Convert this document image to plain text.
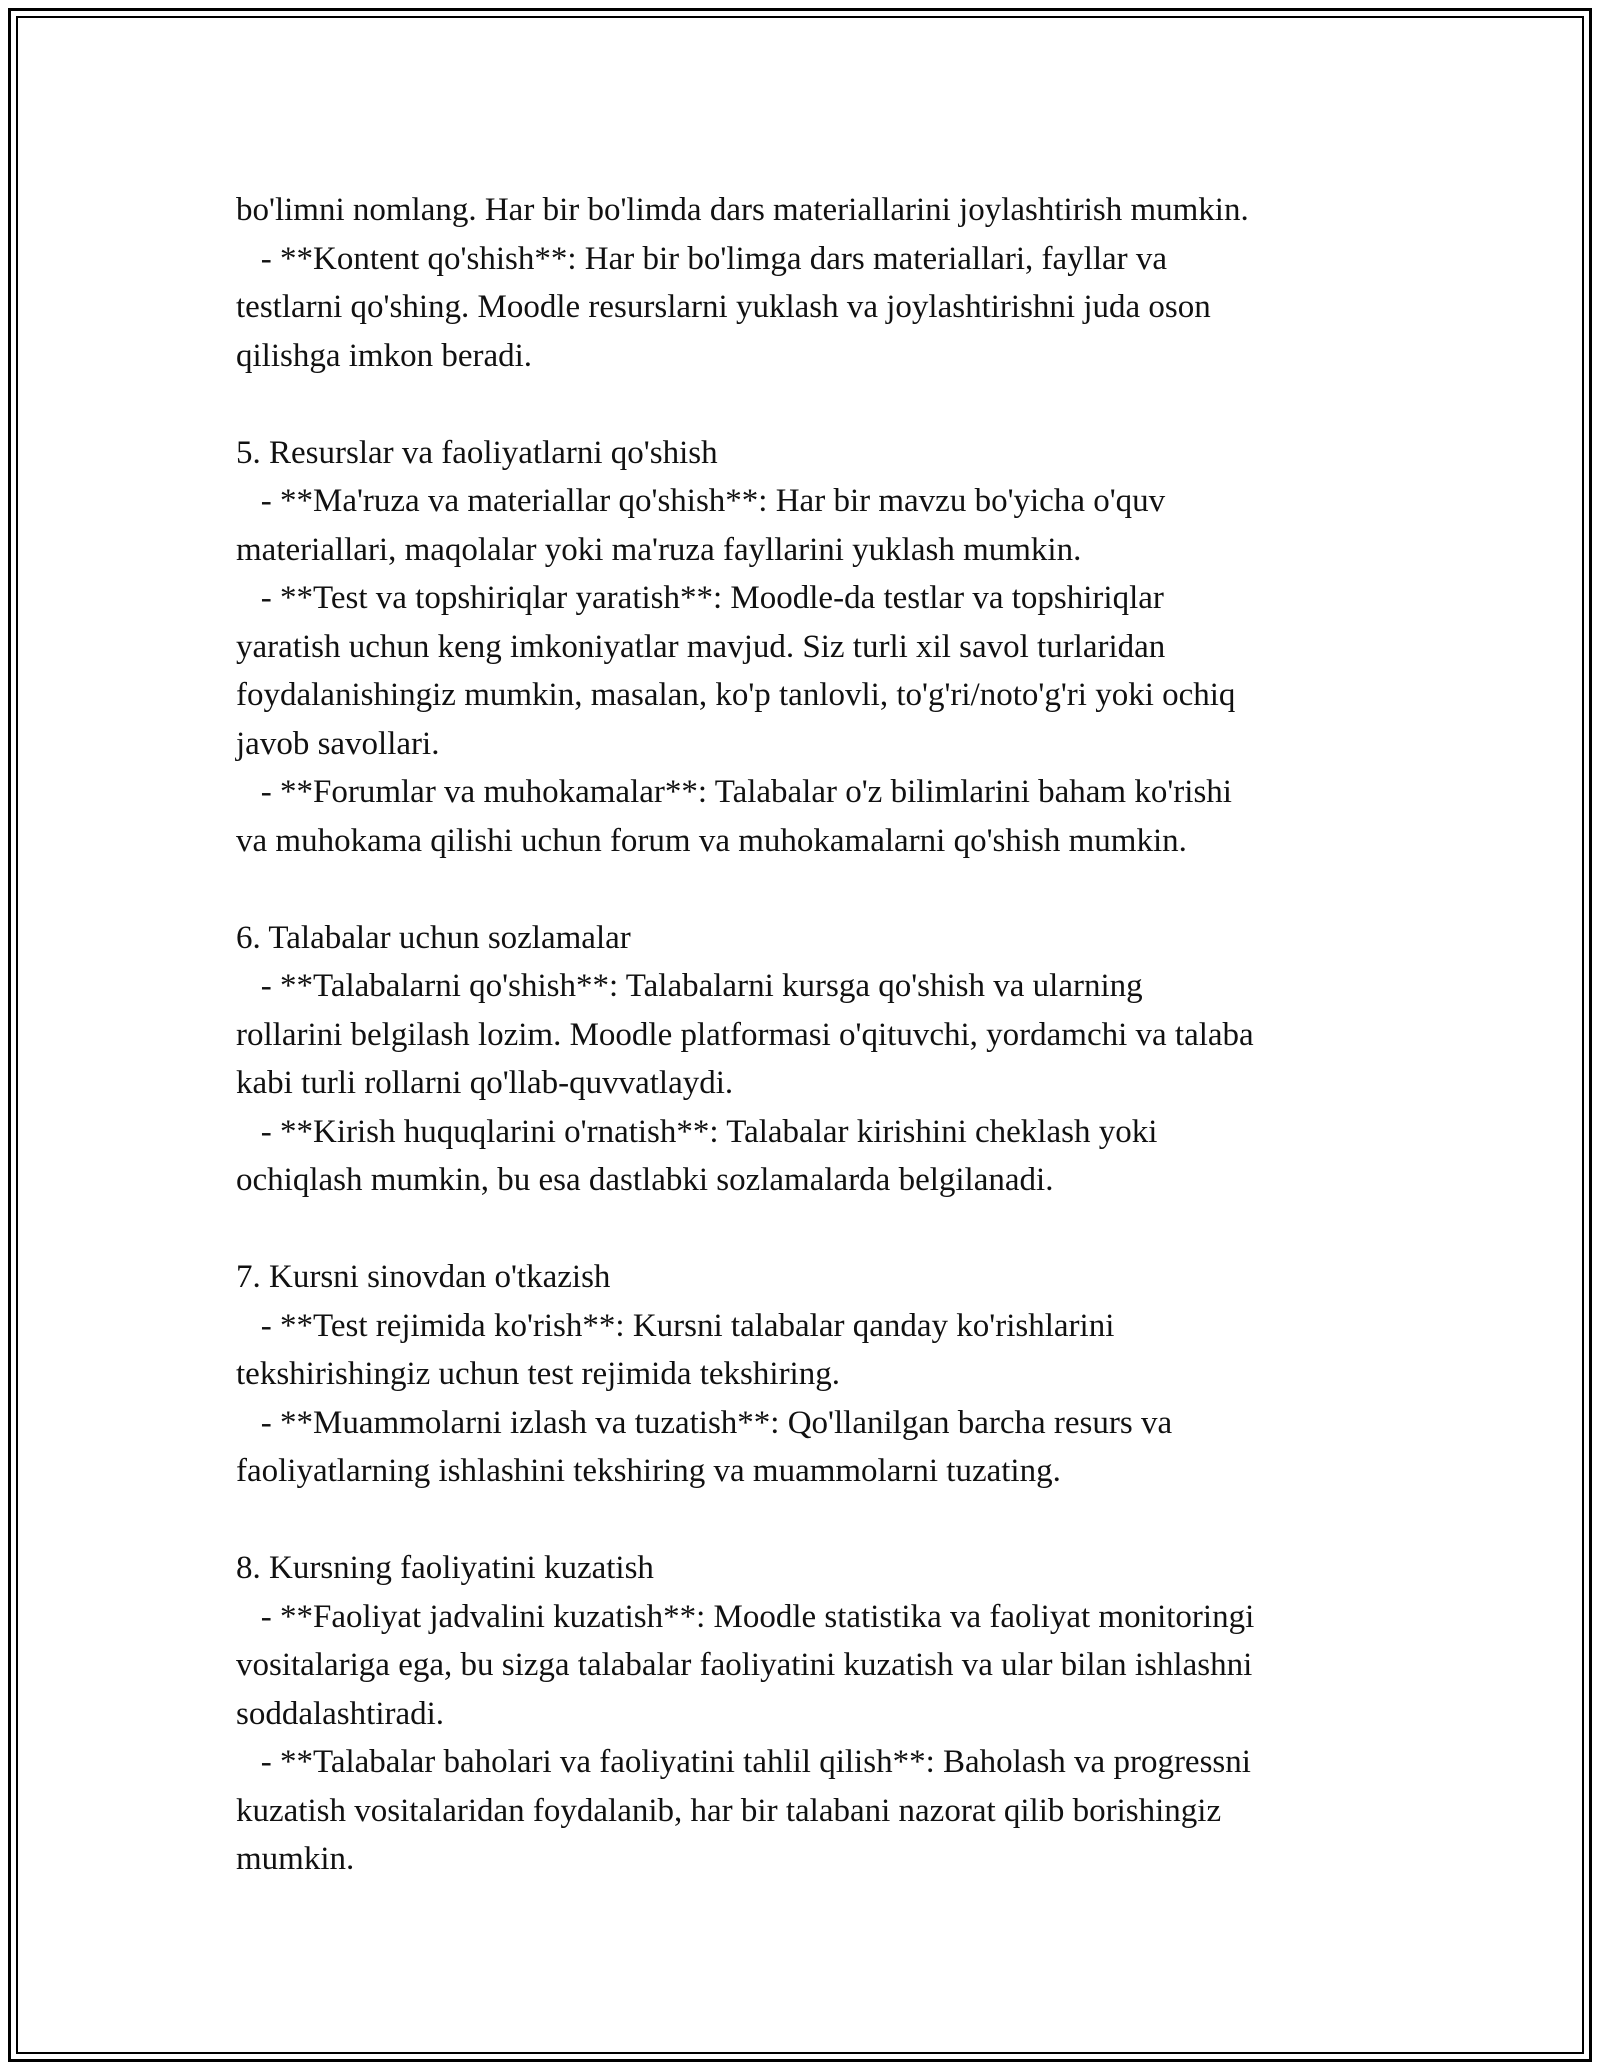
bo'limni nomlang. Har bir bo'limda dars materiallarini joylashtirish mumkin.
- **Kontent qo'shish**: Har bir bo'limga dars materiallari, fayllar va
testlarni qo'shing. Moodle resurslarni yuklash va joylashtirishni juda oson
qilishga imkon beradi.
5. Resurslar va faoliyatlarni qo'shish
- **Ma'ruza va materiallar qo'shish**: Har bir mavzu bo'yicha o'quv
materiallari, maqolalar yoki ma'ruza fayllarini yuklash mumkin.
- **Test va topshiriqlar yaratish**: Moodle-da testlar va topshiriqlar
yaratish uchun keng imkoniyatlar mavjud. Siz turli xil savol turlaridan
foydalanishingiz mumkin, masalan, ko'p tanlovli, to'g'ri/noto'g'ri yoki ochiq
javob savollari.
- **Forumlar va muhokamalar**: Talabalar o'z bilimlarini baham ko'rishi
va muhokama qilishi uchun forum va muhokamalarni qo'shish mumkin.
6. Talabalar uchun sozlamalar
- **Talabalarni qo'shish**: Talabalarni kursga qo'shish va ularning
rollarini belgilash lozim. Moodle platformasi o'qituvchi, yordamchi va talaba
kabi turli rollarni qo'llab-quvvatlaydi.
- **Kirish huquqlarini o'rnatish**: Talabalar kirishini cheklash yoki
ochiqlash mumkin, bu esa dastlabki sozlamalarda belgilanadi.
7. Kursni sinovdan o'tkazish
- **Test rejimida ko'rish**: Kursni talabalar qanday ko'rishlarini
tekshirishingiz uchun test rejimida tekshiring.
- **Muammolarni izlash va tuzatish**: Qo'llanilgan barcha resurs va
faoliyatlarning ishlashini tekshiring va muammolarni tuzating.
8. Kursning faoliyatini kuzatish
- **Faoliyat jadvalini kuzatish**: Moodle statistika va faoliyat monitoringi
vositalariga ega, bu sizga talabalar faoliyatini kuzatish va ular bilan ishlashni
soddalashtiradi.
- **Talabalar baholari va faoliyatini tahlil qilish**: Baholash va progressni
kuzatish vositalaridan foydalanib, har bir talabani nazorat qilib borishingiz
mumkin.
